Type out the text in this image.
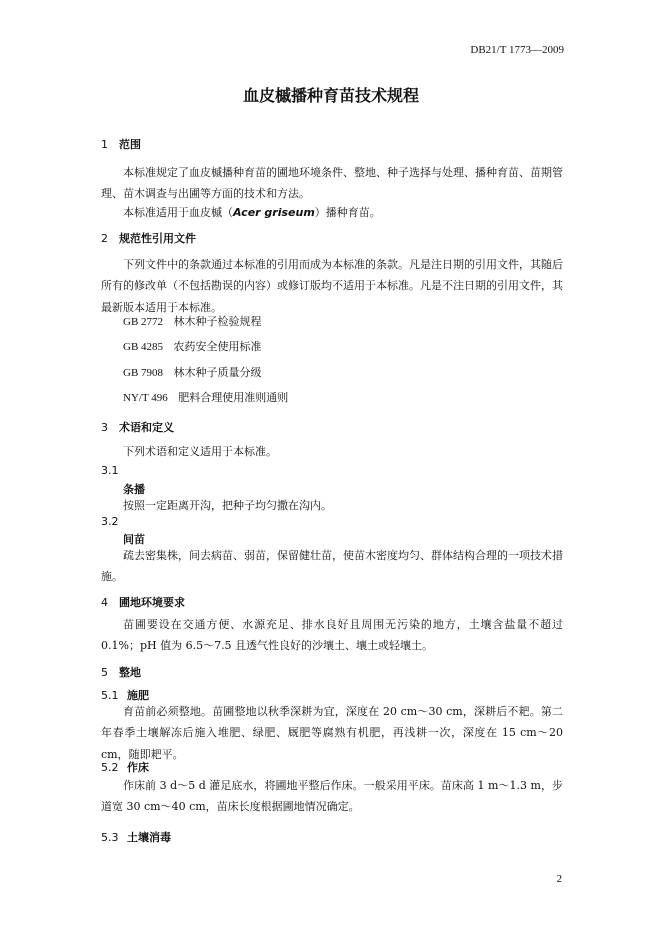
DB21/T 1773—2009
血皮槭播种育苗技术规程
1 范围
本标准规定了血皮槭播种育苗的圃地环境条件、整地、种子选择与处理、播种育苗、苗期管理、苗木调查与出圃等方面的技术和方法。
本标准适用于血皮槭（Acer griseum）播种育苗。
2 规范性引用文件
下列文件中的条款通过本标准的引用而成为本标准的条款。凡是注日期的引用文件，其随后所有的修改单（不包括勘误的内容）或修订版均不适用于本标准。凡是不注日期的引用文件，其最新版本适用于本标准。
GB 2772 林木种子检验规程
GB 4285 农药安全使用标准
GB 7908 林木种子质量分级
NY/T 496 肥料合理使用准则通则
3 术语和定义
下列术语和定义适用于本标准。
3.1
条播
按照一定距离开沟，把种子均匀撒在沟内。
3.2
间苗
疏去密集株，间去病苗、弱苗，保留健壮苗，使苗木密度均匀、群体结构合理的一项技术措施。
4 圃地环境要求
苗圃要设在交通方便、水源充足、排水良好且周围无污染的地方，土壤含盐量不超过0.1%；pH 值为 6.5～7.5 且透气性良好的沙壤土、壤土或轻壤土。
5 整地
5.1 施肥
育苗前必须整地。苗圃整地以秋季深耕为宜，深度在 20 cm～30 cm，深耕后不耙。第二年春季土壤解冻后施入堆肥、绿肥、厩肥等腐熟有机肥，再浅耕一次，深度在 15 cm～20 cm，随即耙平。
5.2 作床
作床前 3 d～5 d 灌足底水，将圃地平整后作床。一般采用平床。苗床高 1 m～1.3 m，步道宽 30 cm～40 cm，苗床长度根据圃地情况确定。
5.3 土壤消毒
2
